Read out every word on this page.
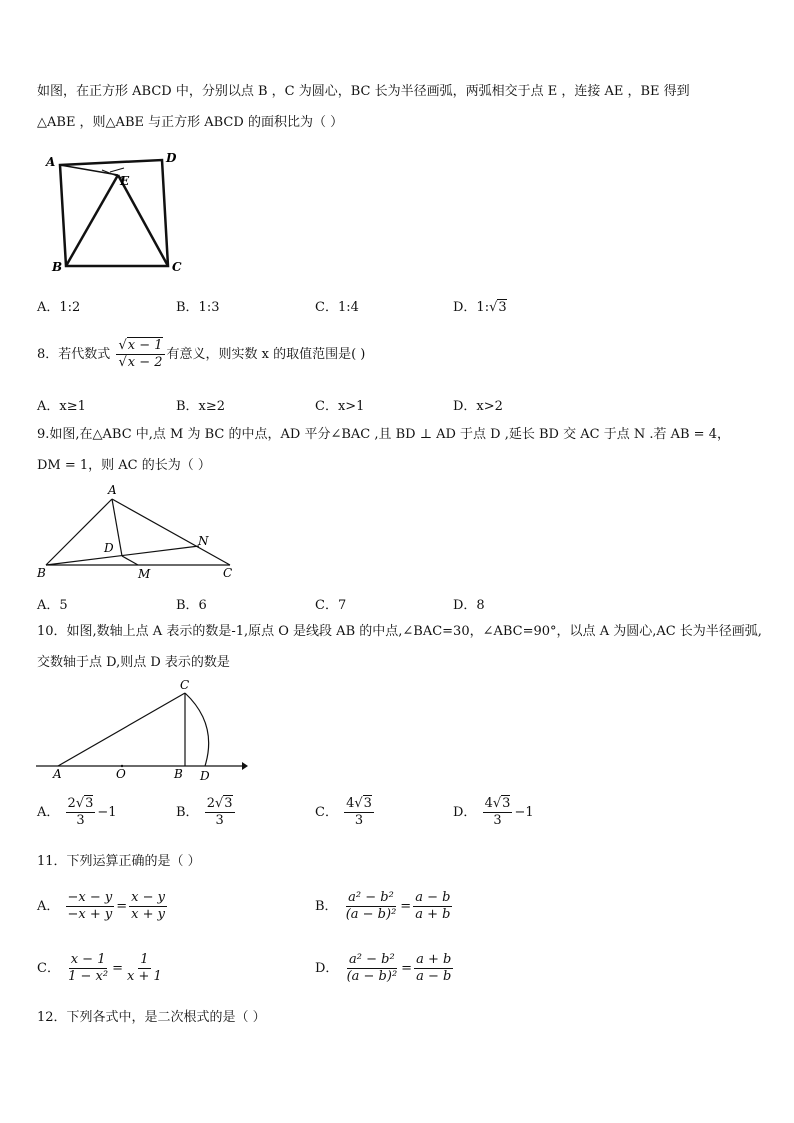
如图，在正方形 ABCD 中，分别以点 B ，C 为圆心，BC 长为半径画弧，两弧相交于点 E ，连接 AE ，BE 得到
△ABE ，则△ABE 与正方形 ABCD 的面积比为（ ）
A	D
E
B	C
A．1:2	B．1:3	C．1:4	D．1:√3
8．若代数式 $\frac{√x - 1}{√x - 2}$ 有意义，则实数 x 的取值范围是( )
A．x≥1	B．x≥2	C．x>1	D．x>2
9.如图,在△ABC 中,点 M 为 BC 的中点，AD 平分∠BAC ,且 BD ⊥ AD 于点 D ,延长 BD 交 AC 于点 N .若 AB = 4，
DM = 1，则 AC 的长为（ ）
A
D	N
B	M	C
A．5	B．6	C．7	D．8
10．如图,数轴上点 A 表示的数是-1,原点 O 是线段 AB 的中点,∠BAC=30，∠ABC=90°，以点 A 为圆心,AC 长为半径画弧,
交数轴于点 D,则点 D 表示的数是
C
A	O	B D
A． $\frac{2√3}{3} -1$	B． $\frac{2√3}{3}$	C． $\frac{4√3}{3}$	D． $\frac{4√3}{3} -1$
11．下列运算正确的是（ ）
A． $\frac{-x - y}{-x + y} = \frac{x - y}{x + y}$	B． $\frac{\text{a² − b²}}{\text{(a − b)²}} = \frac{a - b}{a + b}$
C． $\frac{x - 1}{\text{1 − x²}} = \frac{1}{x + 1}$	D． $\frac{\text{a² − b²}}{\text{(a − b)²}} = \frac{a + b}{a - b}$
12．下列各式中，是二次根式的是（ ）
